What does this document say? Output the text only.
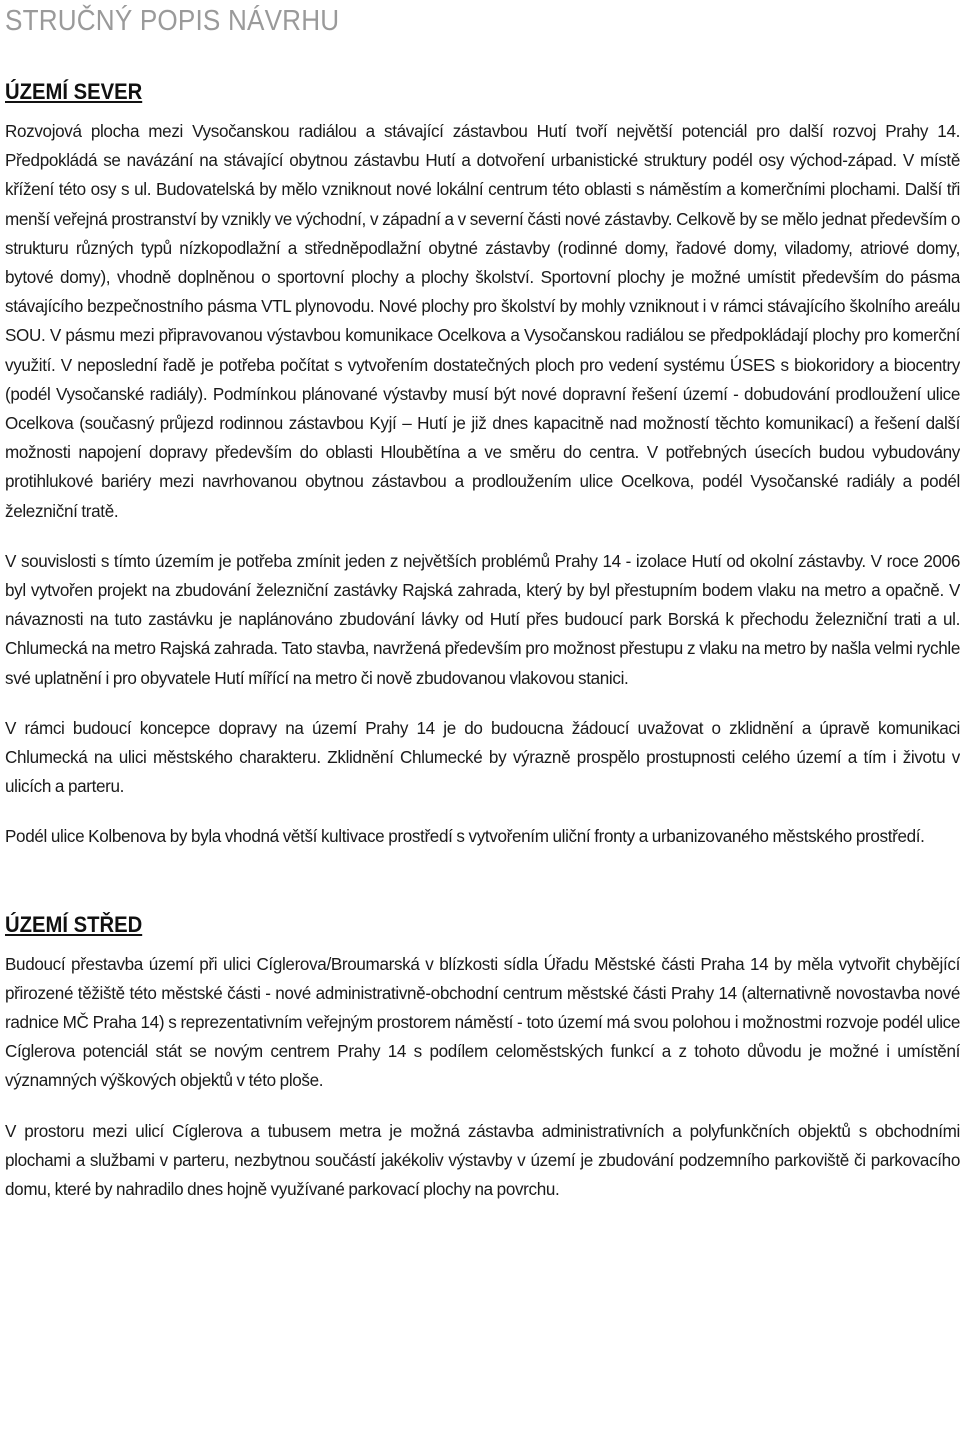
STRUČNÝ POPIS NÁVRHU
ÚZEMÍ SEVER

Rozvojová plocha mezi Vysočanskou radiálou a stávající zástavbou Hutí tvoří největší potenciál pro další rozvoj Prahy 14. Předpokládá se navázání na stávající obytnou zástavbu Hutí a dotvoření urbanistické struktury podél osy východ-západ. V místě křížení této osy s ul. Budovatelská by mělo vzniknout nové lokální centrum této oblasti s náměstím a komerčními plochami. Další tři menší veřejná prostranství by vznikly ve východní, v západní a v severní části nové zástavby. Celkově by se mělo jednat především o strukturu různých typů nízkopodlažní a středněpodlažní obytné zástavby (rodinné domy, řadové domy, viladomy, atriové domy, bytové domy), vhodně doplněnou o sportovní plochy a plochy školství. Sportovní plochy je možné umístit především do pásma stávajícího bezpečnostního pásma VTL plynovodu. Nové plochy pro školství by mohly vzniknout i v rámci stávajícího školního areálu SOU. V pásmu mezi připravovanou výstavbou komunikace Ocelkova a Vysočanskou radiálou se předpokládají plochy pro komerční využití. V neposlední řadě je potřeba počítat s vytvořením dostatečných ploch pro vedení systému ÚSES s biokoridory a biocentry (podél Vysočanské radiály). Podmínkou plánované výstavby musí být nové dopravní řešení území - dobudování prodloužení ulice Ocelkova (současný průjezd rodinnou zástavbou Kyjí – Hutí je již dnes kapacitně nad možností těchto komunikací) a řešení další možnosti napojení dopravy především do oblasti Hloubětína a ve směru do centra. V potřebných úsecích budou vybudovány protihlukové bariéry mezi navrhovanou obytnou zástavbou a prodloužením ulice Ocelkova, podél Vysočanské radiály a podél železniční tratě.

V souvislosti s tímto územím je potřeba zmínit jeden z největších problémů Prahy 14 - izolace Hutí od okolní zástavby. V roce 2006 byl vytvořen projekt na zbudování železniční zastávky Rajská zahrada, který by byl přestupním bodem vlaku na metro a opačně. V návaznosti na tuto zastávku je naplánováno zbudování lávky od Hutí přes budoucí park Borská k přechodu železniční trati a ul. Chlumecká na metro Rajská zahrada. Tato stavba, navržená především pro možnost přestupu z vlaku na metro by našla velmi rychle své uplatnění i pro obyvatele Hutí mířící na metro či nově zbudovanou vlakovou stanici.

V rámci budoucí koncepce dopravy na území Prahy 14 je do budoucna žádoucí uvažovat o zklidnění a úpravě komunikaci Chlumecká na ulici městského charakteru. Zklidnění Chlumecké by výrazně prospělo prostupnosti celého území a tím i životu v ulicích a parteru.

Podél ulice Kolbenova by byla vhodná větší kultivace prostředí s vytvořením uliční fronty a urbanizovaného městského prostředí.

ÚZEMÍ STŘED

Budoucí přestavba území při ulici Cíglerova/Broumarská v blízkosti sídla Úřadu Městské části Praha 14 by měla vytvořit chybějící přirozené těžiště této městské části - nové administrativně-obchodní centrum městské části Prahy 14 (alternativně novostavba nové radnice MČ Praha 14) s reprezentativním veřejným prostorem náměstí - toto území má svou polohou i možnostmi rozvoje podél ulice Cíglerova potenciál stát se novým centrem Prahy 14 s podílem celoměstských funkcí a z tohoto důvodu je možné i umístění významných výškových objektů v této ploše.

V prostoru mezi ulicí Cíglerova a tubusem metra je možná zástavba administrativních a polyfunkčních objektů s obchodními plochami a službami v parteru, nezbytnou součástí jakékoliv výstavby v území je zbudování podzemního parkoviště či parkovacího domu, které by nahradilo dnes hojně využívané parkovací plochy na povrchu.
